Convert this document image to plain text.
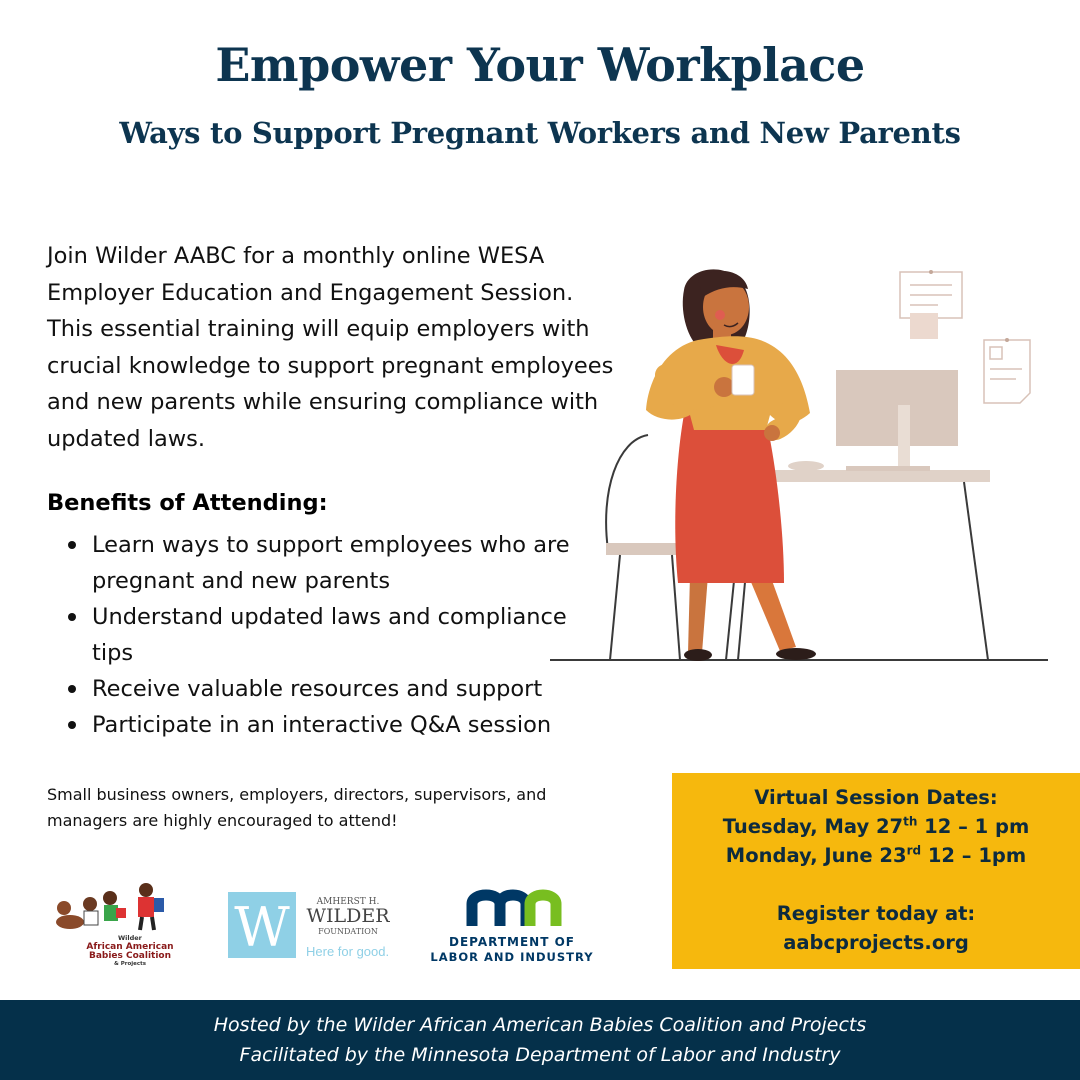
Empower Your Workplace
Ways to Support Pregnant Workers and New Parents
Join Wilder AABC for a monthly online WESA Employer Education and Engagement Session. This essential training will equip employers with crucial knowledge to support pregnant employees and new parents while ensuring compliance with updated laws.
Benefits of Attending:
Learn ways to support employees who are pregnant and new parents
Understand updated laws and compliance tips
Receive valuable resources and support
Participate in an interactive Q&A session
Small business owners, employers, directors, supervisors, and managers are highly encouraged to attend!
Virtual Session Dates:
Tuesday, May 27th 12 – 1 pm
Monday, June 23rd 12 – 1pm
Register today at:
aabcprojects.org
Wilder
African American
Babies Coalition
& Projects
W	AMHERST H.
WILDER
FOUNDATION
Here for good.
DEPARTMENT OF
LABOR AND INDUSTRY
Hosted by the Wilder African American Babies Coalition and Projects
Facilitated by the Minnesota Department of Labor and Industry
